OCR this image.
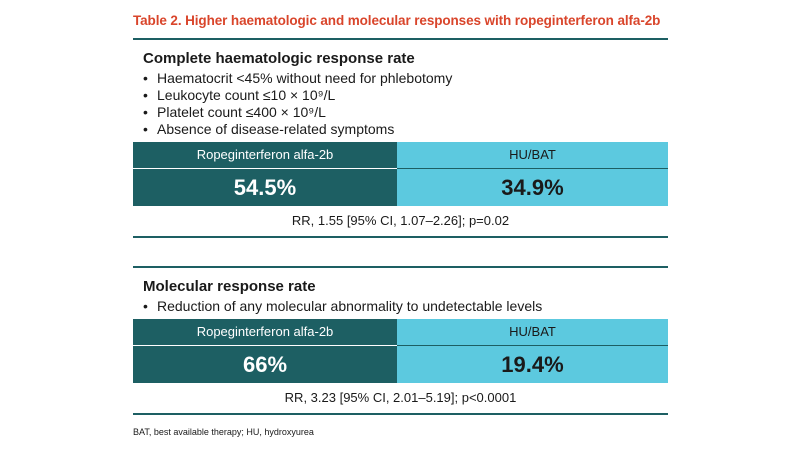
Table 2. Higher haematologic and molecular responses with ropeginterferon alfa-2b
Complete haematologic response rate
• Haematocrit <45% without need for phlebotomy
• Leukocyte count ≤10 × 10⁹/L
• Platelet count ≤400 × 10⁹/L
• Absence of disease-related symptoms
Ropeginterferon alfa-2b
54.5%
HU/BAT
34.9%
RR, 1.55 [95% CI, 1.07–2.26]; p=0.02
Molecular response rate
• Reduction of any molecular abnormality to undetectable levels
Ropeginterferon alfa-2b
66%
HU/BAT
19.4%
RR, 3.23 [95% CI, 2.01–5.19]; p<0.0001
BAT, best available therapy; HU, hydroxyurea
